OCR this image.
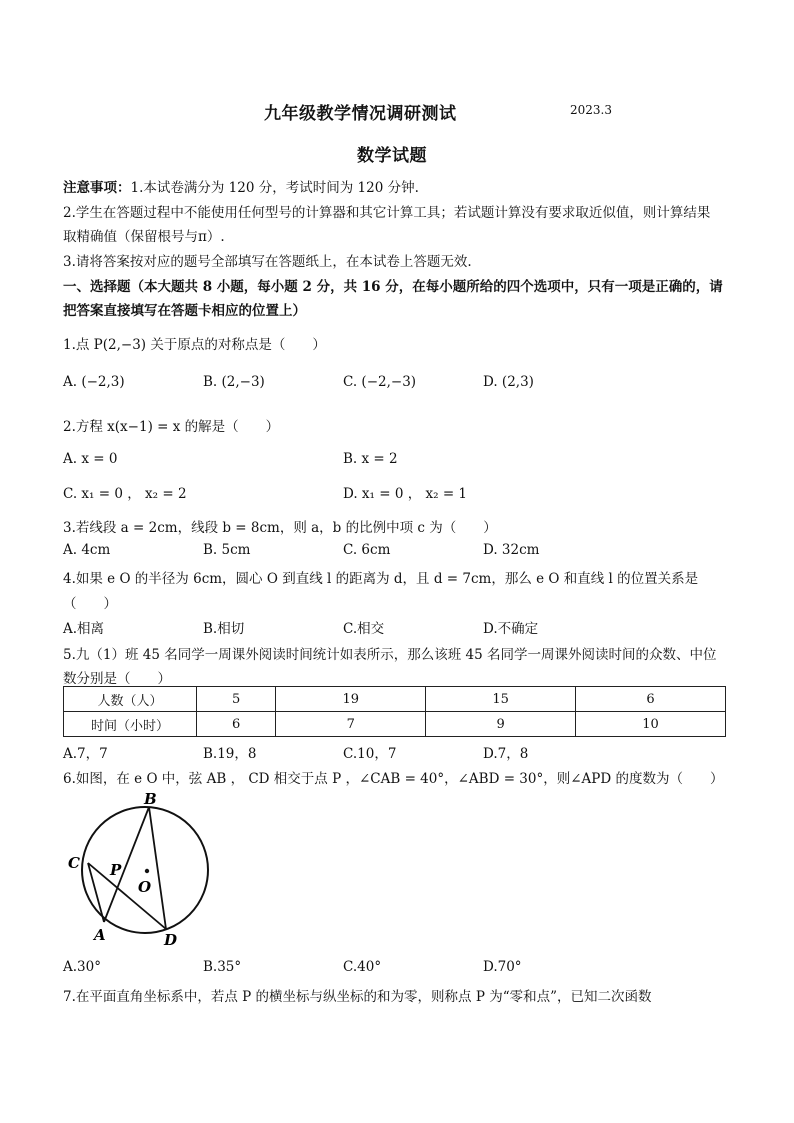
九年级教学情况调研测试	2023.3
数学试题
注意事项：1.本试卷满分为 120 分，考试时间为 120 分钟.
2.学生在答题过程中不能使用任何型号的计算器和其它计算工具；若试题计算没有要求取近似值，则计算结果
取精确值（保留根号与π）.
3.请将答案按对应的题号全部填写在答题纸上，在本试卷上答题无效.
一、选择题（本大题共 8 小题，每小题 2 分，共 16 分，在每小题所给的四个选项中，只有一项是正确的，请
把答案直接填写在答题卡相应的位置上）
1.点 P(2,−3) 关于原点的对称点是（　　）
A. (−2,3)	B. (2,−3)	C. (−2,−3)	D. (2,3)
2.方程 x(x−1) = x 的解是（　　）
A. x = 0	B. x = 2
C. x₁ = 0 ， x₂ = 2	D. x₁ = 0 ， x₂ = 1
3.若线段 a = 2cm，线段 b = 8cm，则 a，b 的比例中项 c 为（　　）
A. 4cm	B. 5cm	C. 6cm	D. 32cm
4.如果 e O 的半径为 6cm，圆心 O 到直线 l 的距离为 d，且 d = 7cm，那么 e O 和直线 l 的位置关系是
（　　）
A.相离	B.相切	C.相交	D.不确定
5.九（1）班 45 名同学一周课外阅读时间统计如表所示，那么该班 45 名同学一周课外阅读时间的众数、中位
数分别是（　　）
人数（人）	5	19	15	6
时间（小时）	6	7	9	10
A.7，7	B.19，8	C.10，7	D.7，8
6.如图，在 e O 中，弦 AB ， CD 相交于点 P ，∠CAB = 40°，∠ABD = 30°，则∠APD 的度数为（　　）
B
C P
O
A	D
A.30°	B.35°	C.40°	D.70°
7.在平面直角坐标系中，若点 P 的横坐标与纵坐标的和为零，则称点 P 为“零和点”，已知二次函数
